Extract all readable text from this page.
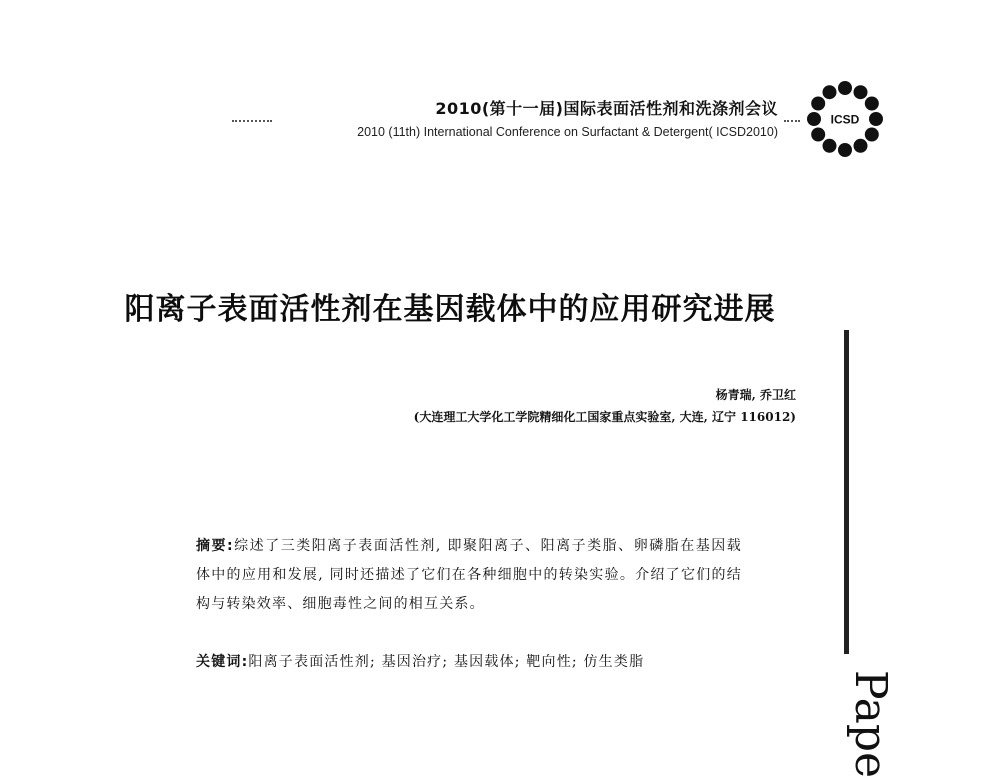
2010(第十一届)国际表面活性剂和洗涤剂会议
2010 (11th) International Conference on Surfactant & Detergent( ICSD2010)
ICSD
阳离子表面活性剂在基因载体中的应用研究进展
杨青瑞, 乔卫红
(大连理工大学化工学院精细化工国家重点实验室, 大连, 辽宁 116012)
摘要:综述了三类阳离子表面活性剂, 即聚阳离子、阳离子类脂、卵磷脂在基因载体中的应用和发展, 同时还描述了它们在各种细胞中的转染实验。介绍了它们的结构与转染效率、细胞毒性之间的相互关系。
关键词:阳离子表面活性剂; 基因治疗; 基因载体; 靶向性; 仿生类脂
Pape
